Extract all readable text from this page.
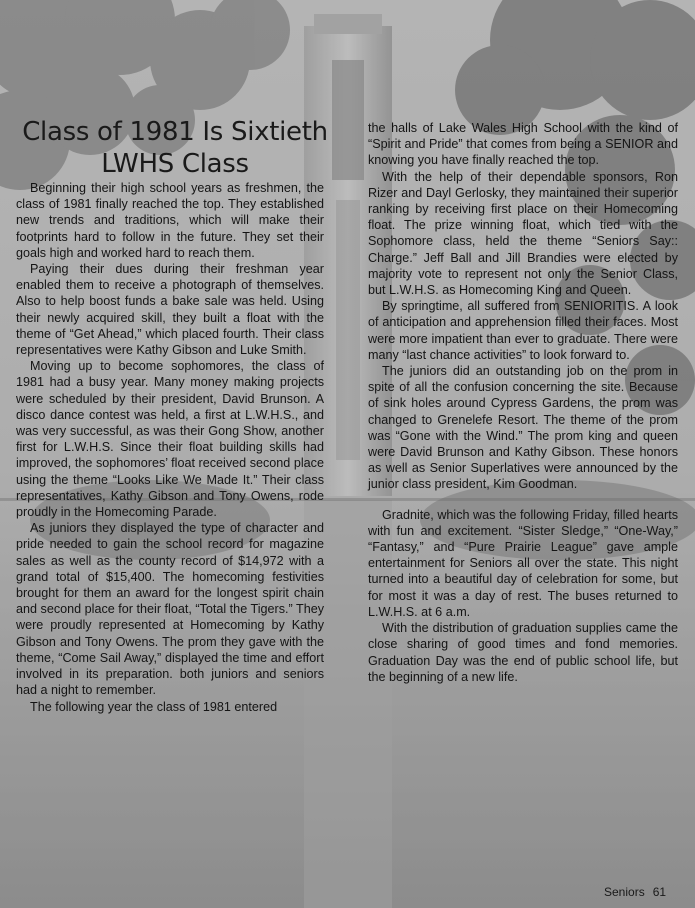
Class of 1981 Is Sixtieth LWHS Class

Beginning their high school years as freshmen, the class of 1981 finally reached the top. They established new trends and traditions, which will make their footprints hard to follow in the future. They set their goals high and worked hard to reach them.

Paying their dues during their freshman year enabled them to receive a photograph of themselves. Also to help boost funds a bake sale was held. Using their newly acquired skill, they built a float with the theme of “Get Ahead,” which placed fourth. Their class representatives were Kathy Gibson and Luke Smith.

Moving up to become sophomores, the class of 1981 had a busy year. Many money making projects were scheduled by their president, David Brunson. A disco dance contest was held, a first at L.W.H.S., and was very successful, as was their Gong Show, another first for L.W.H.S. Since their float building skills had improved, the sophomores’ float received second place using the theme “Looks Like We Made It.” Their class representatives, Kathy Gibson and Tony Owens, rode proudly in the Homecoming Parade.

As juniors they displayed the type of character and pride needed to gain the school record for magazine sales as well as the county record of $14,972 with a grand total of $15,400. The homecoming festivities brought for them an award for the longest spirit chain and second place for their float, “Total the Tigers.” They were proudly represented at Homecoming by Kathy Gibson and Tony Owens. The prom they gave with the theme, “Come Sail Away,” displayed the time and effort involved in its preparation. both juniors and seniors had a night to remember.

The following year the class of 1981 entered

the halls of Lake Wales High School with the kind of “Spirit and Pride” that comes from being a SENIOR and knowing you have finally reached the top.

With the help of their dependable sponsors, Ron Rizer and Dayl Gerlosky, they maintained their superior ranking by receiving first place on their Homecoming float. The prize winning float, which tied with the Sophomore class, held the theme “Seniors Say:: Charge.” Jeff Ball and Jill Brandies were elected by majority vote to represent not only the Senior Class, but L.W.H.S. as Homecoming King and Queen.

By springtime, all suffered from SENIORITIS. A look of anticipation and apprehension filled their faces. Most were more impatient than ever to graduate. There were many “last chance activities” to look forward to.

The juniors did an outstanding job on the prom in spite of all the confusion concerning the site. Because of sink holes around Cypress Gardens, the prom was changed to Grenelefe Resort. The theme of the prom was “Gone with the Wind.” The prom king and queen were David Brunson and Kathy Gibson. These honors as well as Senior Superlatives were announced by the junior class president, Kim Goodman.

Gradnite, which was the following Friday, filled hearts with fun and excitement. “Sister Sledge,” “One-Way,” “Fantasy,” and “Pure Prairie League” gave ample entertainment for Seniors all over the state. This night turned into a beautiful day of celebration for some, but for most it was a day of rest. The buses returned to L.W.H.S. at 6 a.m.

With the distribution of graduation supplies came the close sharing of good times and fond memories. Graduation Day was the end of public school life, but the beginning of a new life.

Seniors 61
